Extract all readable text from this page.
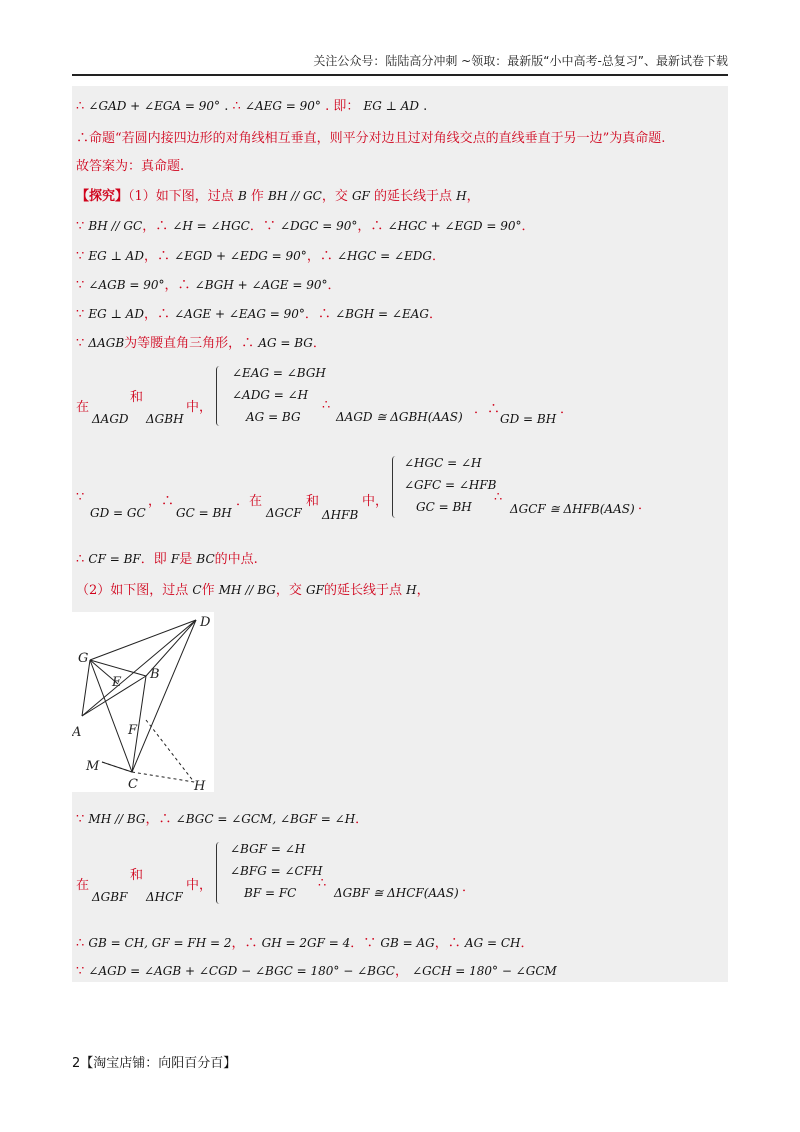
关注公众号：陆陆高分冲刺 ~领取：最新版“小中高考-总复习”、最新试卷下载
∴ ∠GAD + ∠EGA = 90° . ∴ ∠AEG = 90° . 即： EG ⊥ AD .
∴命题“若圆内接四边形的对角线相互垂直，则平分对边且过对角线交点的直线垂直于另一边”为真命题.
故答案为：真命题.
【探究】（1）如下图，过点 B 作 BH // GC，交 GF 的延长线于点 H，
∵ BH // GC，∴ ∠H = ∠HGC．∵ ∠DGC = 90°，∴ ∠HGC + ∠EGD = 90°．
∵ EG ⊥ AD，∴ ∠EGD + ∠EDG = 90°，∴ ∠HGC = ∠EDG．
∵ ∠AGB = 90°，∴ ∠BGH + ∠AGE = 90°．
∵ EG ⊥ AD，∴ ∠AGE + ∠EAG = 90°．∴ ∠BGH = ∠EAG．
∵ ΔAGB为等腰直角三角形，∴ AG = BG．
在
和
中，
ΔAGD ΔGBH
∠EAG = ∠BGH
∠ADG = ∠H
AG = BG
∴
ΔAGD ≅ ΔGBH(AAS) ．∴
GD = BH
．
∵
GD = GC
，∴
GC = BH
．在	和	中，
ΔGCF ΔHFB
∠HGC = ∠H
∠GFC = ∠HFB
GC = BH
∴
ΔGCF ≅ ΔHFB(AAS) ．
∴ CF = BF．即 F是 BC的中点.
（2）如下图，过点 C作 MH // BG，交 GF的延长线于点 H，
D
G
E
B
A	F
M
C	H
∵ MH // BG，∴ ∠BGC = ∠GCM, ∠BGF = ∠H．
在
和
中，
ΔGBF ΔHCF
∠BGF = ∠H
∠BFG = ∠CFH
BF = FC
∴
ΔGBF ≅ ΔHCF(AAS) ．
∴ GB = CH, GF = FH = 2，∴ GH = 2GF = 4．∵ GB = AG，∴ AG = CH．
∵ ∠AGD = ∠AGB + ∠CGD − ∠BGC = 180° − ∠BGC， ∠GCH = 180° − ∠GCM
2【淘宝店铺：向阳百分百】
